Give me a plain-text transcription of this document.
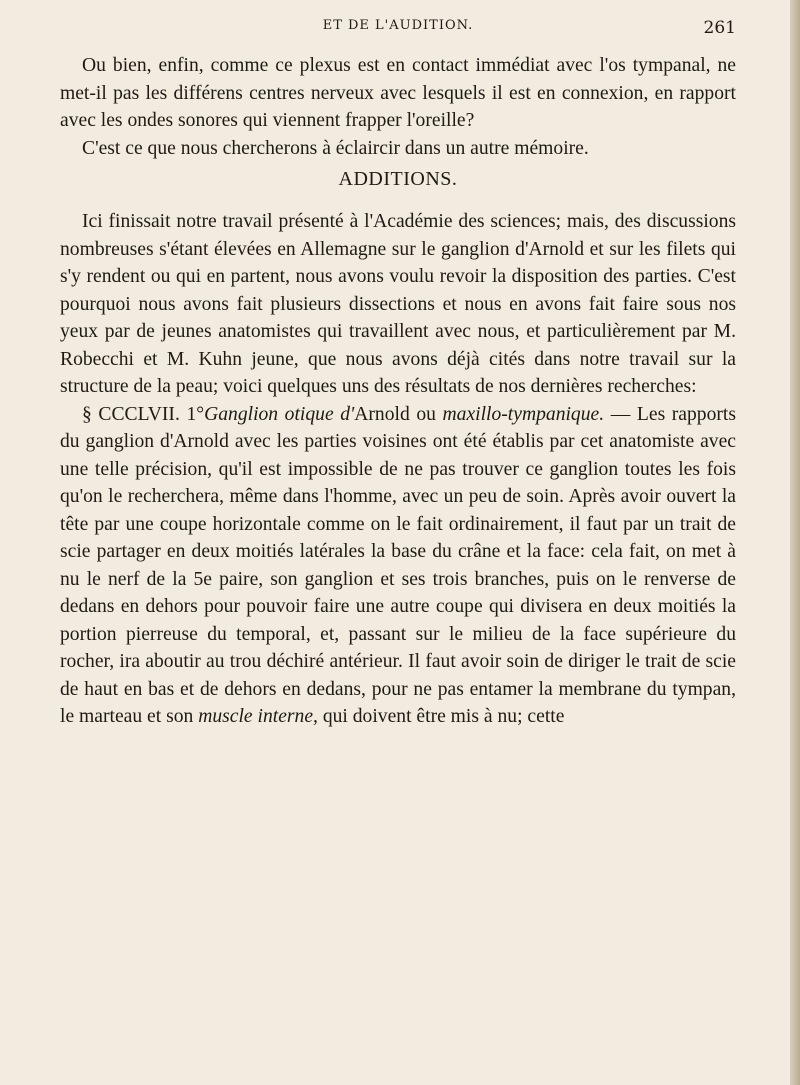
ET DE L'AUDITION.	261

Ou bien, enfin, comme ce plexus est en contact immédiat avec l'os tympanal, ne met-il pas les différens centres nerveux avec lesquels il est en connexion, en rapport avec les ondes sonores qui viennent frapper l'oreille?

C'est ce que nous chercherons à éclaircir dans un autre mémoire.

ADDITIONS.

Ici finissait notre travail présenté à l'Académie des sciences; mais, des discussions nombreuses s'étant élevées en Allemagne sur le ganglion d'Arnold et sur les filets qui s'y rendent ou qui en partent, nous avons voulu revoir la disposition des parties. C'est pourquoi nous avons fait plusieurs dissections et nous en avons fait faire sous nos yeux par de jeunes anatomistes qui travaillent avec nous, et particulièrement par M. Robecchi et M. Kuhn jeune, que nous avons déjà cités dans notre travail sur la structure de la peau; voici quelques uns des résultats de nos dernières recherches:

§ CCCLVII. 1°Ganglion otique d'Arnold ou maxillo-tympanique. — Les rapports du ganglion d'Arnold avec les parties voisines ont été établis par cet anatomiste avec une telle précision, qu'il est impossible de ne pas trouver ce ganglion toutes les fois qu'on le recherchera, même dans l'homme, avec un peu de soin. Après avoir ouvert la tête par une coupe horizontale comme on le fait ordinairement, il faut par un trait de scie partager en deux moitiés latérales la base du crâne et la face: cela fait, on met à nu le nerf de la 5e paire, son ganglion et ses trois branches, puis on le renverse de dedans en dehors pour pouvoir faire une autre coupe qui divisera en deux moitiés la portion pierreuse du temporal, et, passant sur le milieu de la face supérieure du rocher, ira aboutir au trou déchiré antérieur. Il faut avoir soin de diriger le trait de scie de haut en bas et de dehors en dedans, pour ne pas entamer la membrane du tympan, le marteau et son muscle interne, qui doivent être mis à nu; cette
